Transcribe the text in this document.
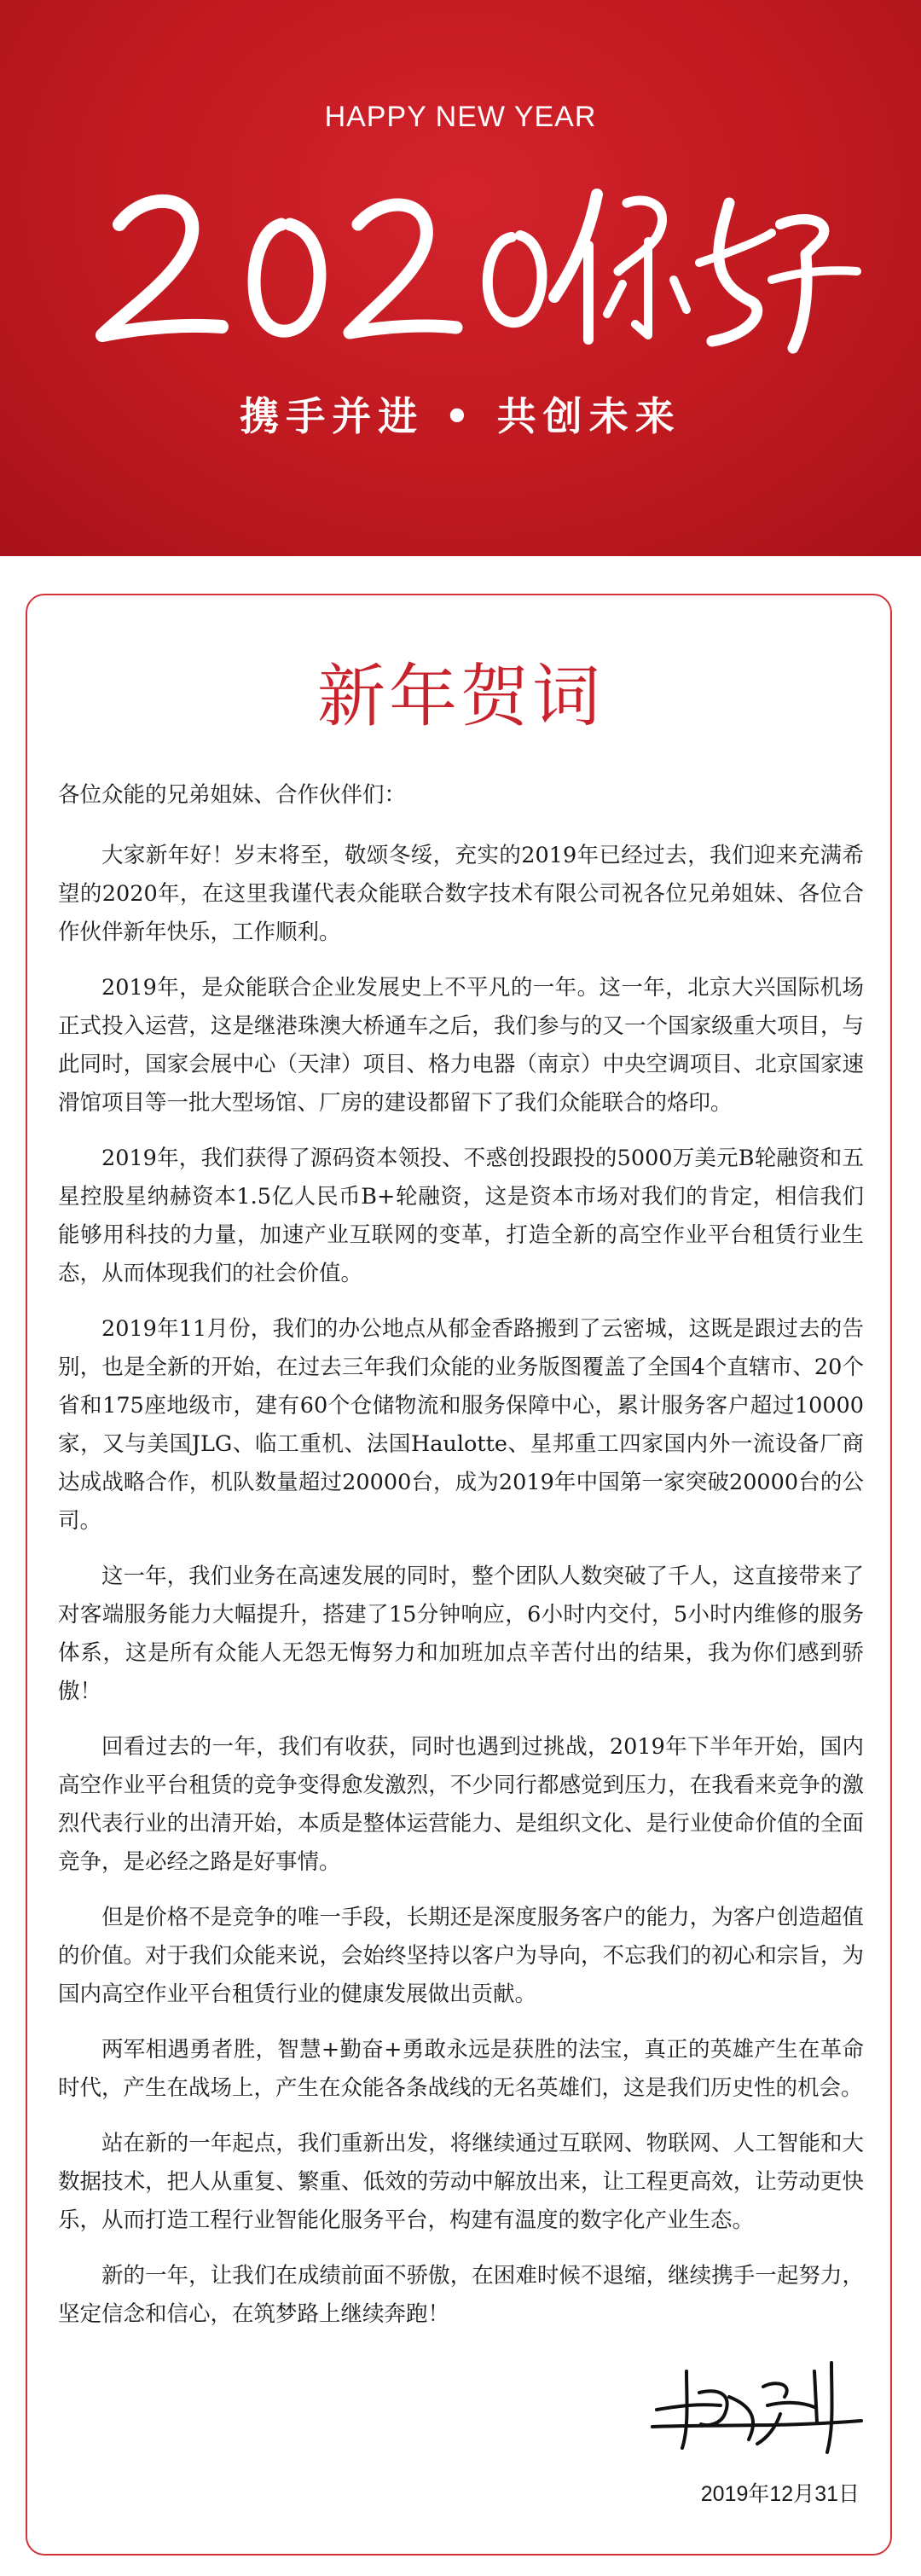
HAPPY NEW YEAR
携手并进 • 共创未来
新年贺词

各位众能的兄弟姐妹、合作伙伴们：

大家新年好！岁末将至，敬颂冬绥，充实的2019年已经过去，我们迎来充满希望的2020年，在这里我谨代表众能联合数字技术有限公司祝各位兄弟姐妹、各位合作伙伴新年快乐，工作顺利。

2019年，是众能联合企业发展史上不平凡的一年。这一年，北京大兴国际机场正式投入运营，这是继港珠澳大桥通车之后，我们参与的又一个国家级重大项目，与此同时，国家会展中心（天津）项目、格力电器（南京）中央空调项目、北京国家速滑馆项目等一批大型场馆、厂房的建设都留下了我们众能联合的烙印。

2019年，我们获得了源码资本领投、不惑创投跟投的5000万美元B轮融资和五星控股星纳赫资本1.5亿人民币B+轮融资，这是资本市场对我们的肯定，相信我们能够用科技的力量，加速产业互联网的变革，打造全新的高空作业平台租赁行业生态，从而体现我们的社会价值。

2019年11月份，我们的办公地点从郁金香路搬到了云密城，这既是跟过去的告别，也是全新的开始，在过去三年我们众能的业务版图覆盖了全国4个直辖市、20个省和175座地级市，建有60个仓储物流和服务保障中心，累计服务客户超过10000家，又与美国JLG、临工重机、法国Haulotte、星邦重工四家国内外一流设备厂商达成战略合作，机队数量超过20000台，成为2019年中国第一家突破20000台的公司。

这一年，我们业务在高速发展的同时，整个团队人数突破了千人，这直接带来了对客端服务能力大幅提升，搭建了15分钟响应，6小时内交付，5小时内维修的服务体系，这是所有众能人无怨无悔努力和加班加点辛苦付出的结果，我为你们感到骄傲！

回看过去的一年，我们有收获，同时也遇到过挑战，2019年下半年开始，国内高空作业平台租赁的竞争变得愈发激烈，不少同行都感觉到压力，在我看来竞争的激烈代表行业的出清开始，本质是整体运营能力、是组织文化、是行业使命价值的全面竞争，是必经之路是好事情。

但是价格不是竞争的唯一手段，长期还是深度服务客户的能力，为客户创造超值的价值。对于我们众能来说，会始终坚持以客户为导向，不忘我们的初心和宗旨，为国内高空作业平台租赁行业的健康发展做出贡献。

两军相遇勇者胜，智慧+勤奋+勇敢永远是获胜的法宝，真正的英雄产生在革命时代，产生在战场上，产生在众能各条战线的无名英雄们，这是我们历史性的机会。

站在新的一年起点，我们重新出发，将继续通过互联网、物联网、人工智能和大数据技术，把人从重复、繁重、低效的劳动中解放出来，让工程更高效，让劳动更快乐，从而打造工程行业智能化服务平台，构建有温度的数字化产业生态。

新的一年，让我们在成绩前面不骄傲，在困难时候不退缩，继续携手一起努力，坚定信念和信心，在筑梦路上继续奔跑！

2019年12月31日
